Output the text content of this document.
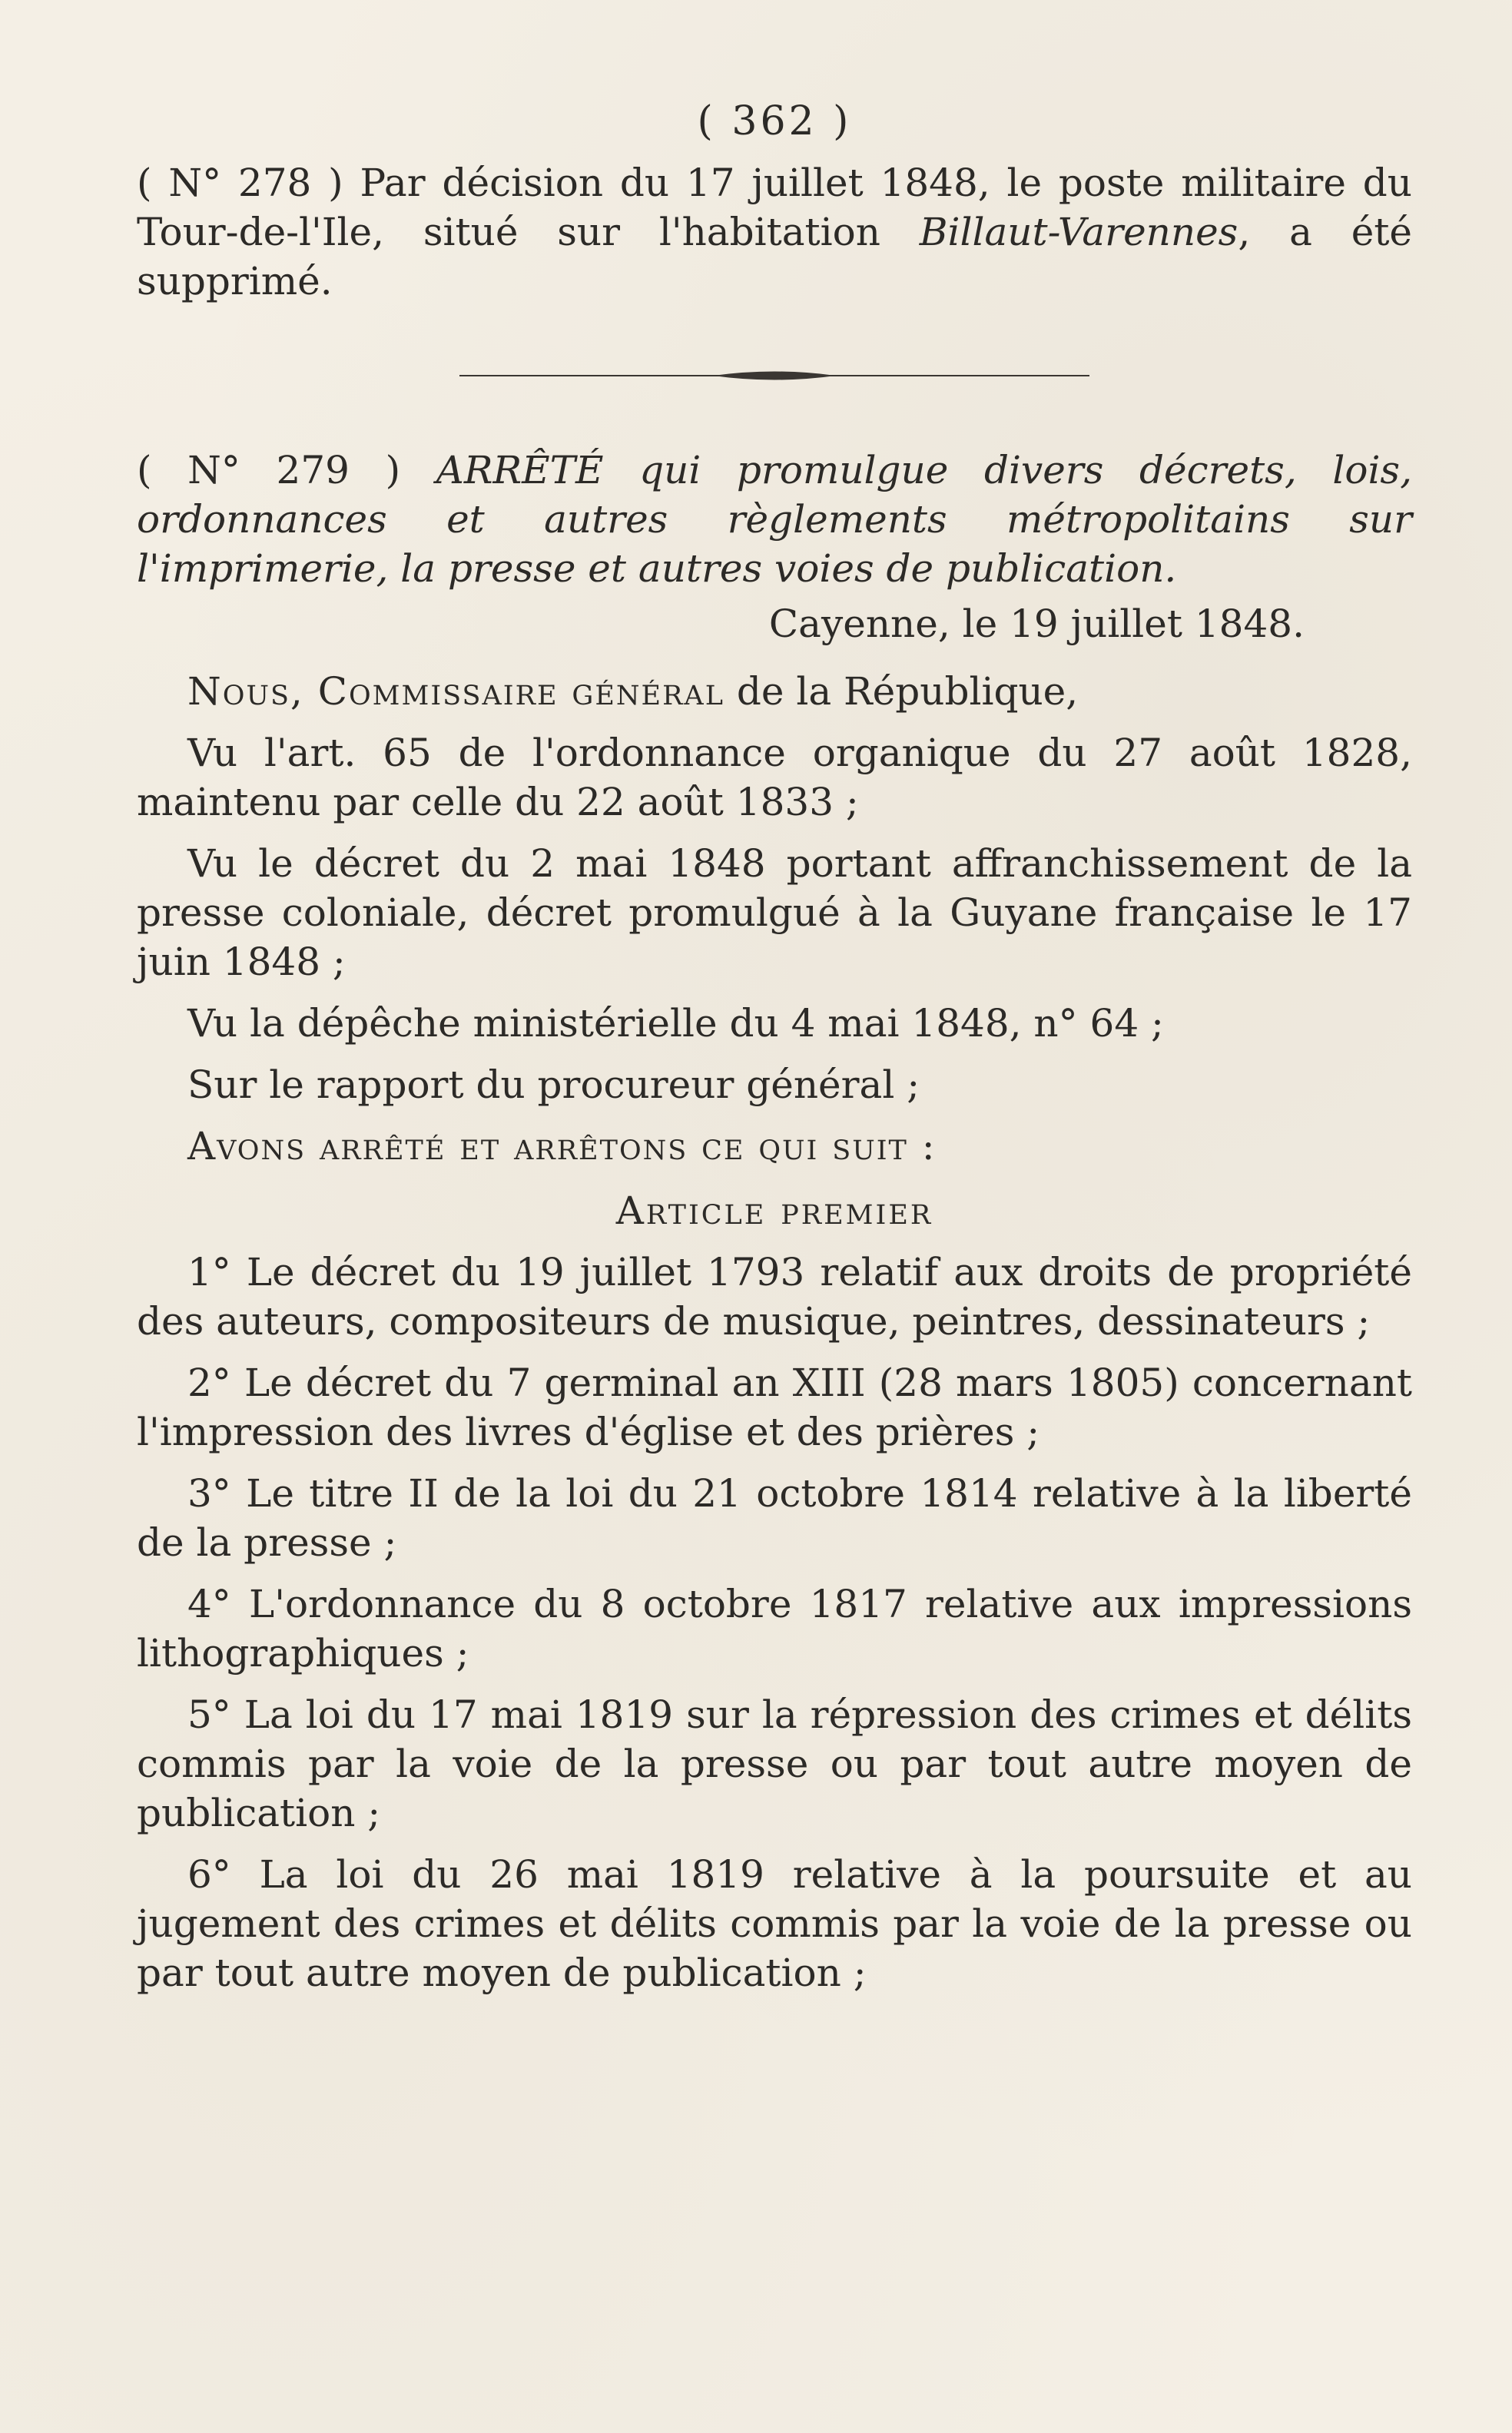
( 362 )

( N° 278 ) Par décision du 17 juillet 1848, le poste militaire du Tour-de-l'Ile, situé sur l'habitation Billaut-Varennes, a été supprimé.

( N° 279 ) ARRÊTÉ qui promulgue divers décrets, lois, ordonnances et autres règlements métropolitains sur l'imprimerie, la presse et autres voies de publication.

Cayenne, le 19 juillet 1848.

Nous, Commissaire général de la République,

Vu l'art. 65 de l'ordonnance organique du 27 août 1828, maintenu par celle du 22 août 1833 ;

Vu le décret du 2 mai 1848 portant affranchissement de la presse coloniale, décret promulgué à la Guyane française le 17 juin 1848 ;

Vu la dépêche ministérielle du 4 mai 1848, n° 64 ;

Sur le rapport du procureur général ;

Avons arrêté et arrêtons ce qui suit :

Article premier

1° Le décret du 19 juillet 1793 relatif aux droits de propriété des auteurs, compositeurs de musique, peintres, dessinateurs ;

2° Le décret du 7 germinal an XIII (28 mars 1805) concernant l'impression des livres d'église et des prières ;

3° Le titre II de la loi du 21 octobre 1814 relative à la liberté de la presse ;

4° L'ordonnance du 8 octobre 1817 relative aux impressions lithographiques ;

5° La loi du 17 mai 1819 sur la répression des crimes et délits commis par la voie de la presse ou par tout autre moyen de publication ;

6° La loi du 26 mai 1819 relative à la poursuite et au jugement des crimes et délits commis par la voie de la presse ou par tout autre moyen de publication ;
